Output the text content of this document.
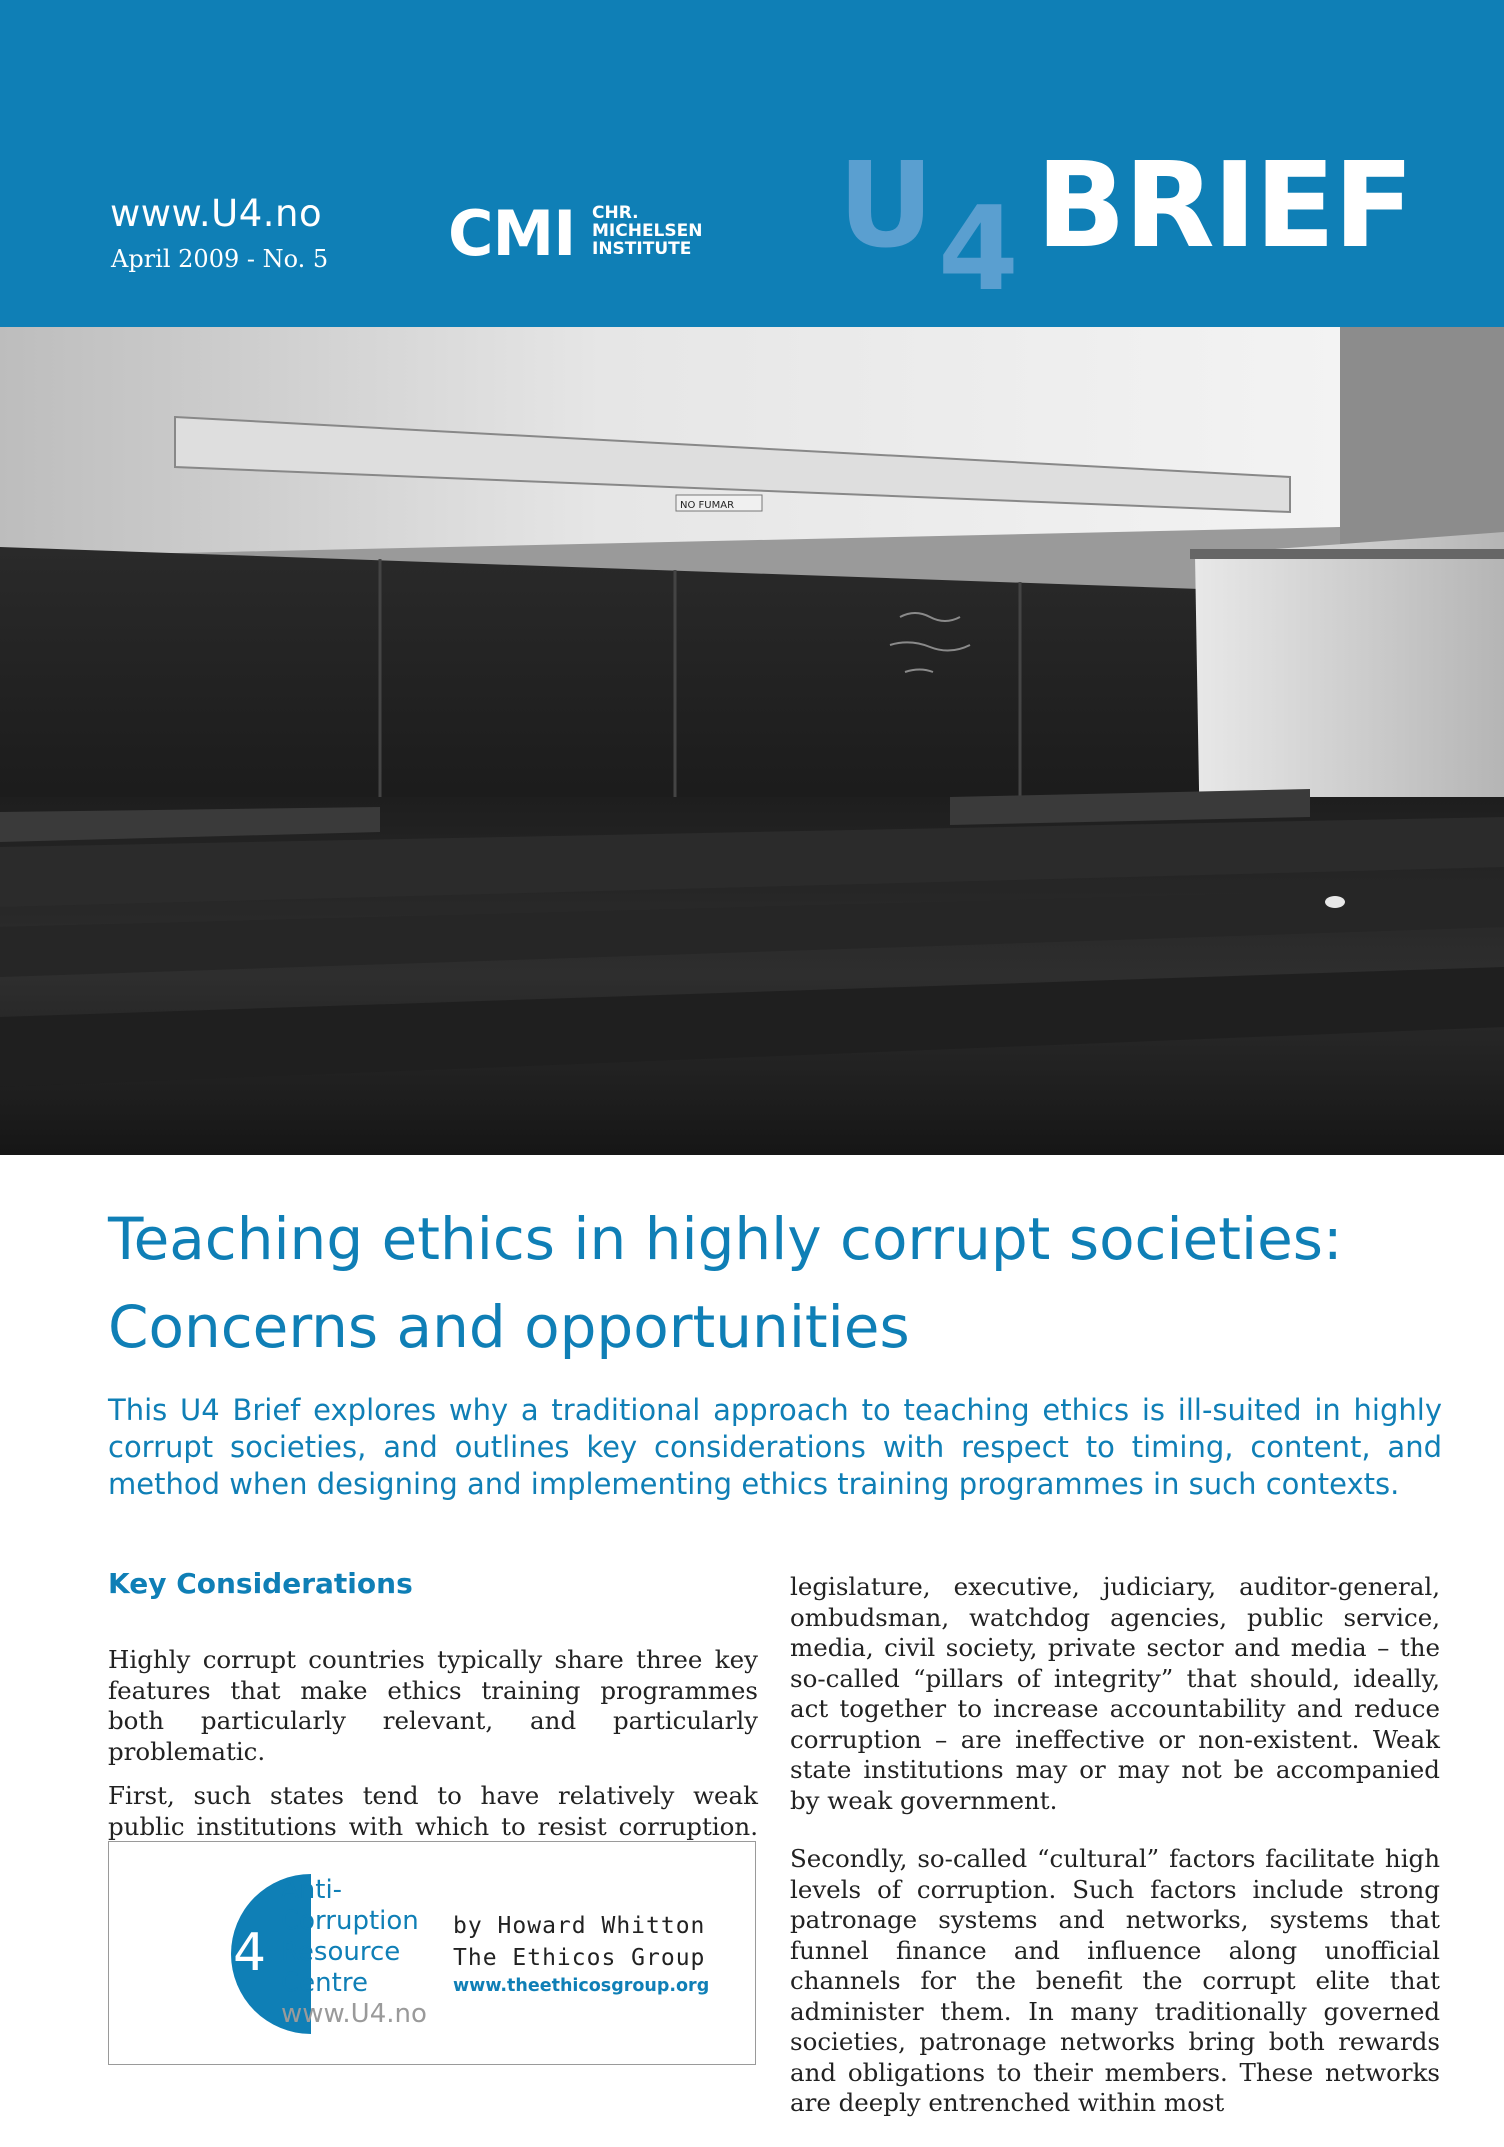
www.U4.no
April 2009 - No. 5 CMI CHR.
MICHELSEN
INSTITUTE U 4 BRIEF
NO FUMAR
Teaching ethics in highly corrupt societies:
Concerns and opportunities

This U4 Brief explores why a traditional approach to teaching ethics is ill-suited in highly corrupt societies, and outlines key considerations with respect to timing, content, and method when designing and implementing ethics training programmes in such contexts.

Key Considerations

Highly corrupt countries typically share three key features that make ethics training programmes both particularly relevant, and particularly problematic.

First, such states tend to have relatively weak public institutions with which to resist corruption.

legislature, executive, judiciary, auditor-general, ombudsman, watchdog agencies, public service, media, civil society, private sector and media – the so-called “pillars of integrity” that should, ideally, act together to increase accountability and reduce corruption – are ineffective or non-existent. Weak state institutions may or may not be accompanied by weak government.

Secondly, so-called “cultural” factors facilitate high levels of corruption. Such factors include strong patronage systems and networks, systems that funnel finance and influence along unofficial channels for the benefit the corrupt elite that administer them. In many traditionally governed societies, patronage networks bring both rewards and obligations to their members. These networks are deeply entrenched within most

U4
Anti-
Corruption
Resource
Centre
www.U4.no
by Howard Whitton
The Ethicos Group
www.theethicosgroup.org
